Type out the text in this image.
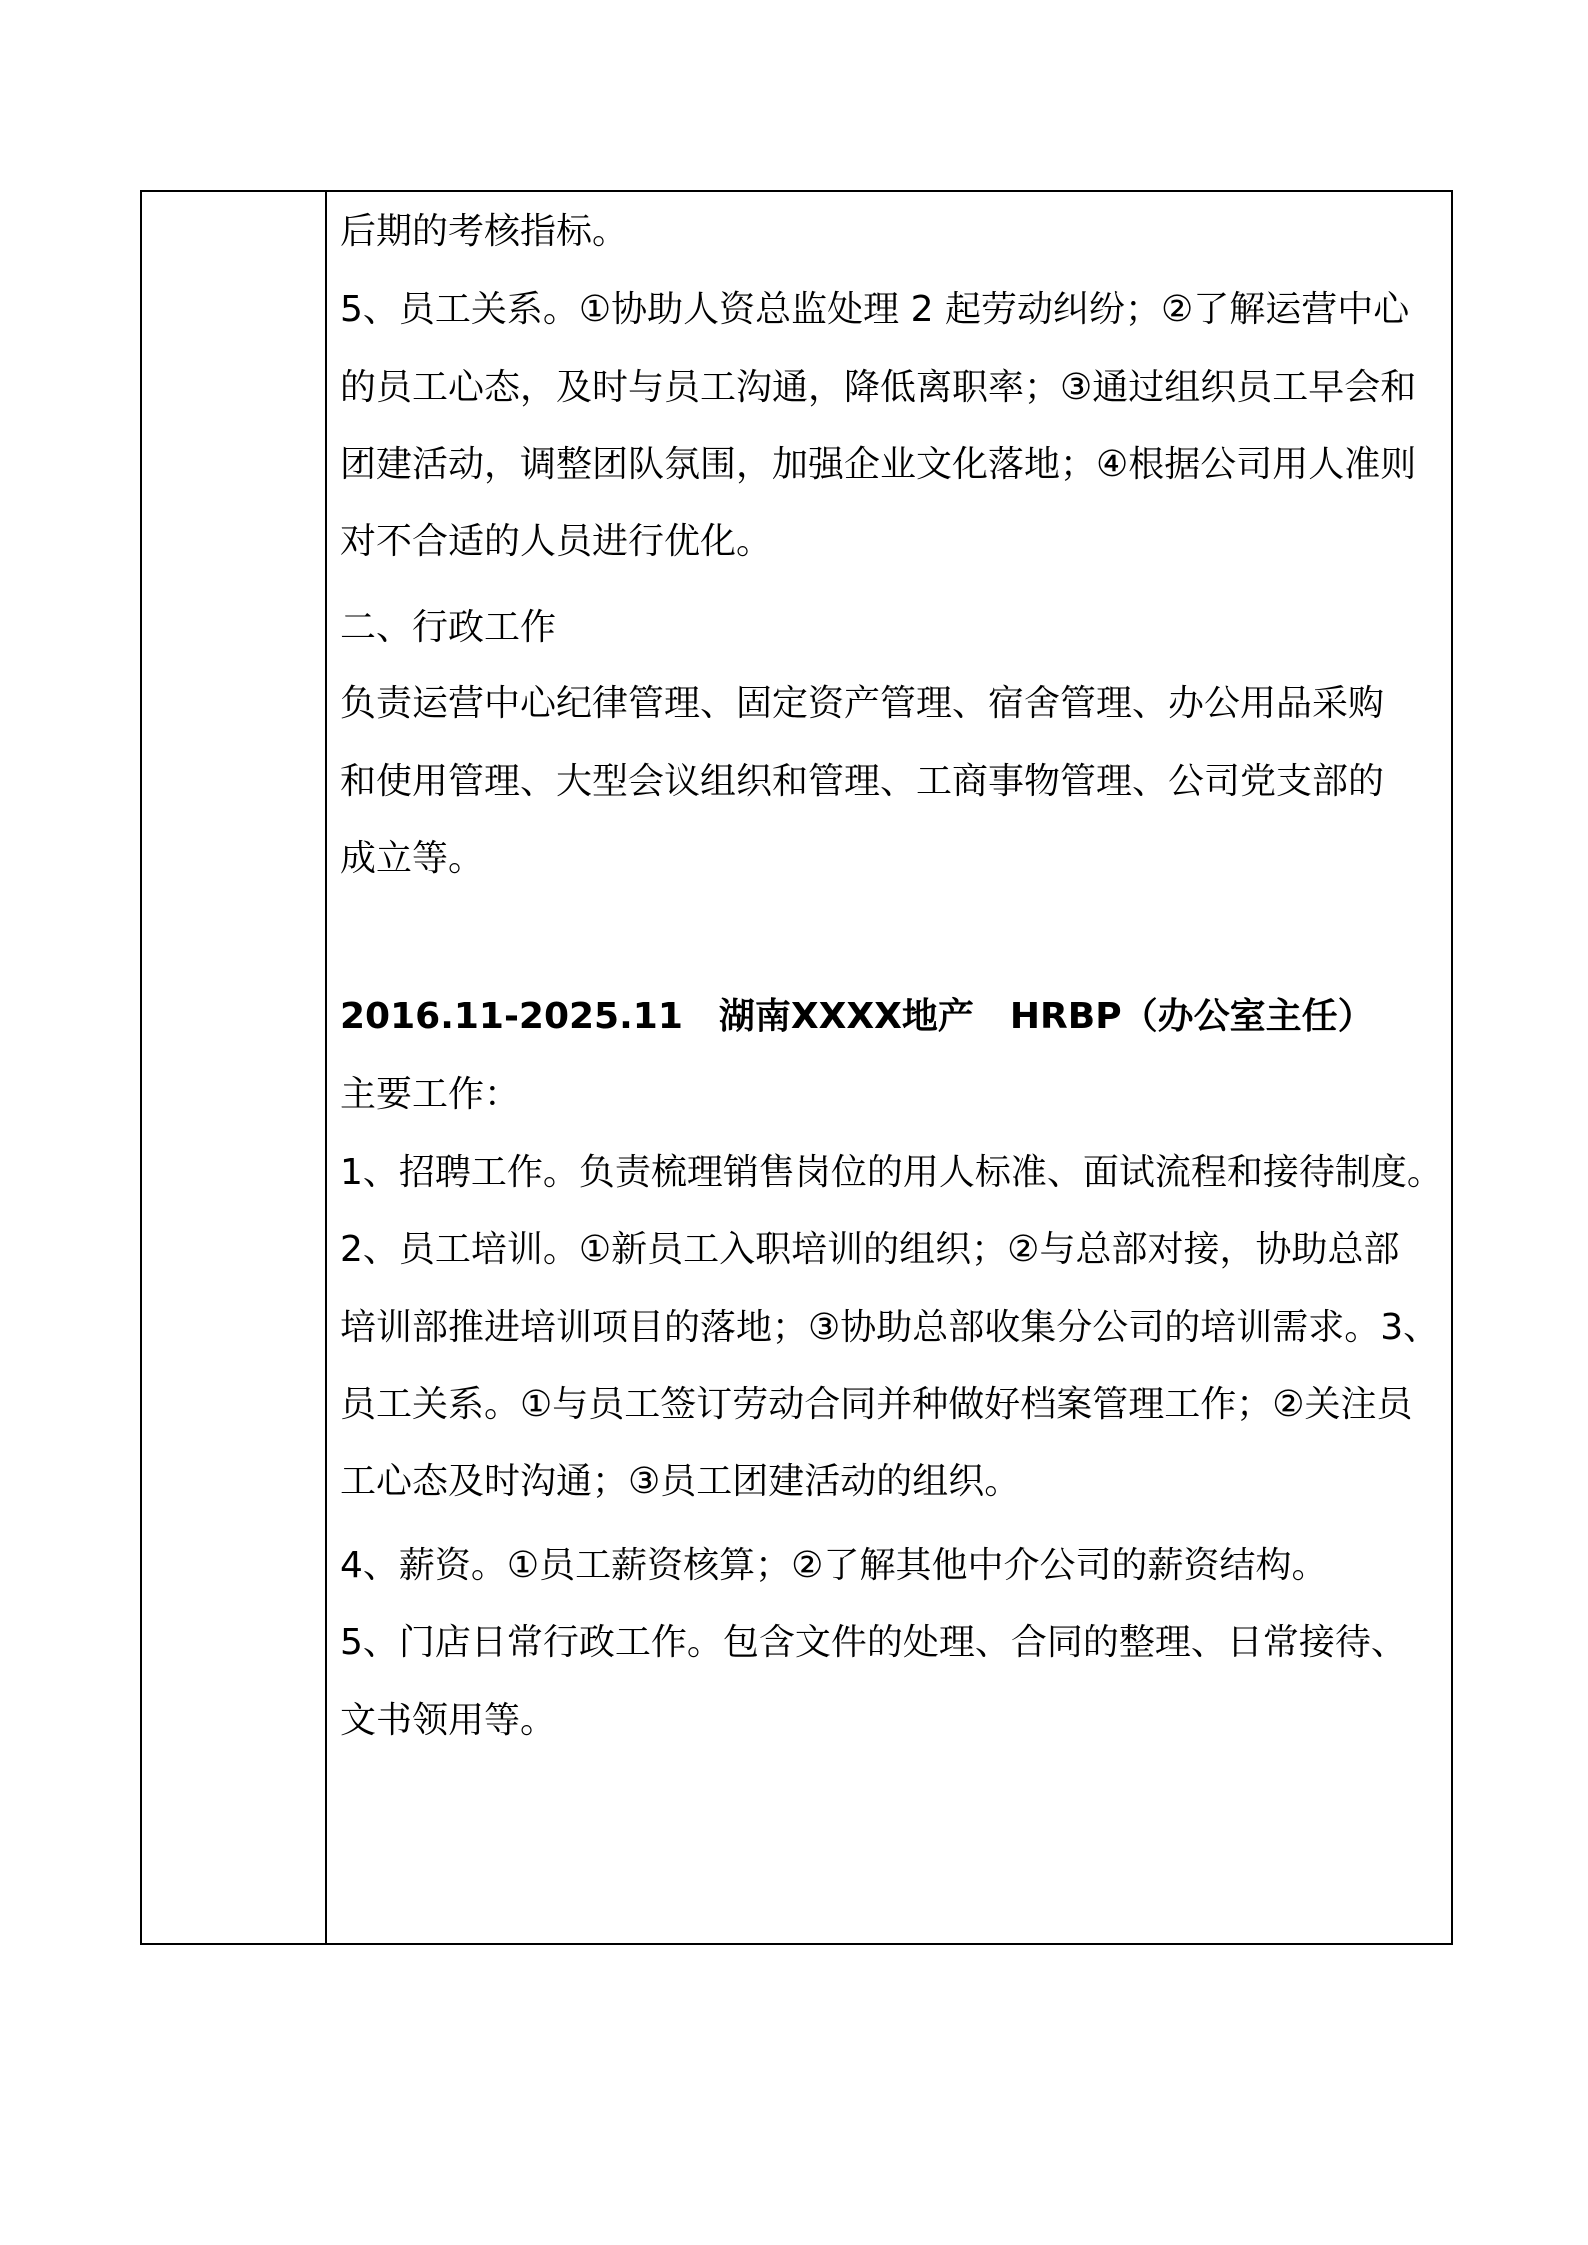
后期的考核指标。
5、员工关系。①协助人资总监处理 2 起劳动纠纷；②了解运营中心
的员工心态，及时与员工沟通，降低离职率；③通过组织员工早会和
团建活动，调整团队氛围，加强企业文化落地；④根据公司用人准则
对不合适的人员进行优化。
二、行政工作
负责运营中心纪律管理、固定资产管理、宿舍管理、办公用品采购
和使用管理、大型会议组织和管理、工商事物管理、公司党支部的
成立等。
2016.11-2025.11　湖南XXXX地产　HRBP（办公室主任）
主要工作：
1、招聘工作。负责梳理销售岗位的用人标准、面试流程和接待制度。
2、员工培训。①新员工入职培训的组织；②与总部对接，协助总部
培训部推进培训项目的落地；③协助总部收集分公司的培训需求。3、
员工关系。①与员工签订劳动合同并种做好档案管理工作；②关注员
工心态及时沟通；③员工团建活动的组织。
4、薪资。①员工薪资核算；②了解其他中介公司的薪资结构。
5、门店日常行政工作。包含文件的处理、合同的整理、日常接待、
文书领用等。
